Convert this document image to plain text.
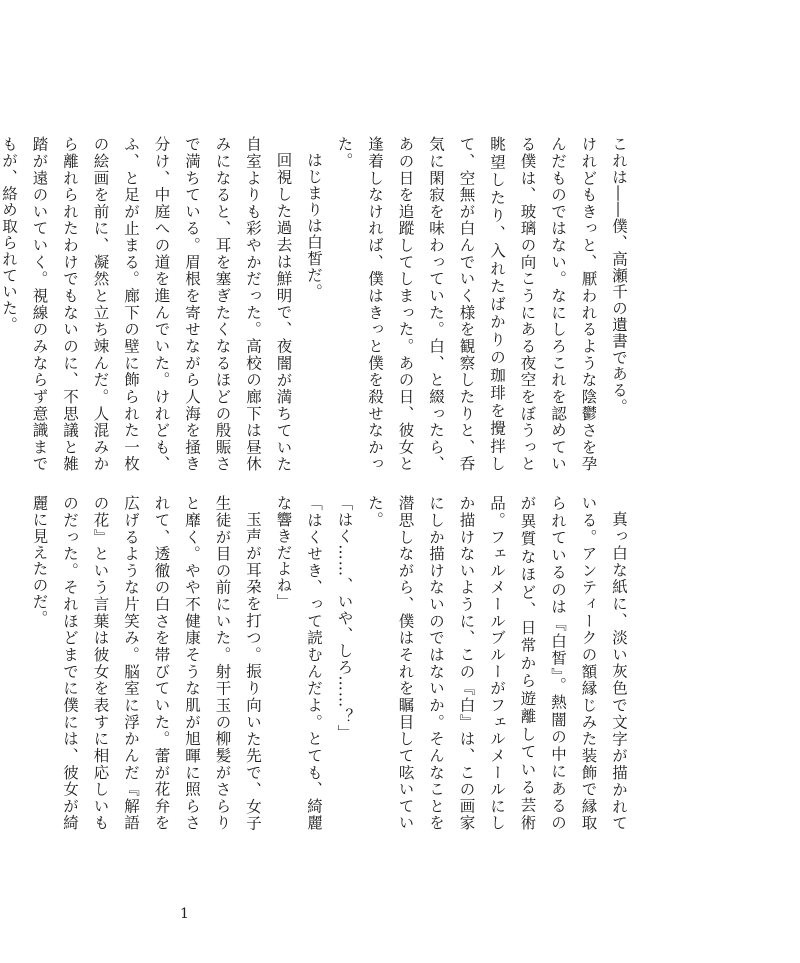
これは――僕、高瀬千の遺書である。

けれどもきっと、厭われるような陰鬱さを孕んだものではない。なにしろこれを認めている僕は、玻璃の向こうにある夜空をぼうっと眺望したり、入れたばかりの珈琲を攪拌して、空無が白んでいく様を観察したりと、呑気に閑寂を味わっていた。白、と綴ったら、あの日を追蹤してしまった。あの日、彼女と逢着しなければ、僕はきっと僕を殺せなかった。

はじまりは白皙だ。

回視した過去は鮮明で、夜闇が満ちていた自室よりも彩やかだった。高校の廊下は昼休みになると、耳を塞ぎたくなるほどの殷賑さで満ちている。眉根を寄せながら人海を掻き分け、中庭への道を進んでいた。けれども、ふ、と足が止まる。廊下の壁に飾られた一枚の絵画を前に、凝然と立ち竦んだ。人混みから離れられたわけでもないのに、不思議と雑踏が遠のいていく。視線のみならず意識までもが、絡め取られていた。

真っ白な紙に、淡い灰色で文字が描かれている。アンティークの額縁じみた装飾で縁取られているのは『白皙』。熱闇の中にあるのが異質なほど、日常から遊離している芸術品。フェルメールブルーがフェルメールにしか描けないように、この『白』は、この画家にしか描けないのではないか。そんなことを潜思しながら、僕はそれを瞩目して呟いていた。

「はく……、いや、しろ……？」

「はくせき、って読むんだよ。とても、綺麗な響きだよね」

玉声が耳朶を打つ。振り向いた先で、女子生徒が目の前にいた。射干玉の柳髪がさらりと靡く。やや不健康そうな肌が旭暉に照らされて、透徹の白さを帯びていた。蕾が花弁を広げるような片笑み。脳室に浮かんだ『解語の花』という言葉は彼女を表すに相応しいものだった。それほどまでに僕には、彼女が綺麗に見えたのだ。

1
